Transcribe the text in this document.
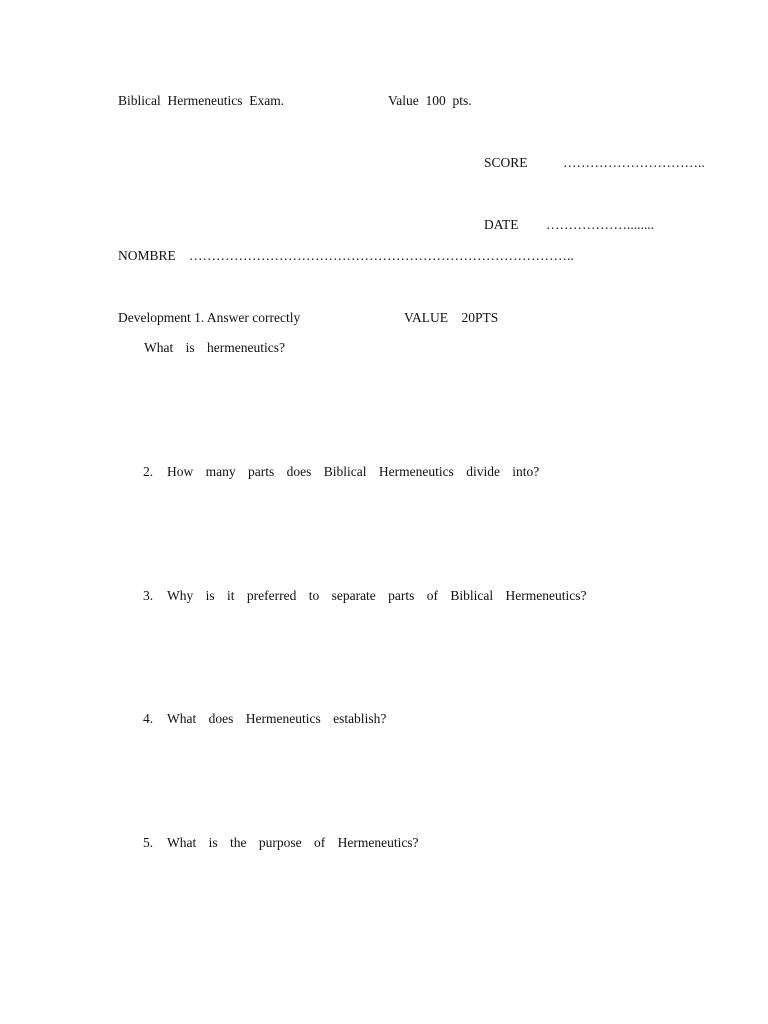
Biblical  Hermeneutics  Exam.	Value  100  pts.
SCORE	…………………………..
DATE ………………........
NOMBRE …………………………………………………………………………..
Development 1. Answer correctly	VALUE    20PTS
What is hermeneutics?
2.	How many parts does Biblical Hermeneutics divide into?
3.	Why is it preferred to separate parts of Biblical Hermeneutics?
4.	What does Hermeneutics establish?
5.	What is the purpose of Hermeneutics?
